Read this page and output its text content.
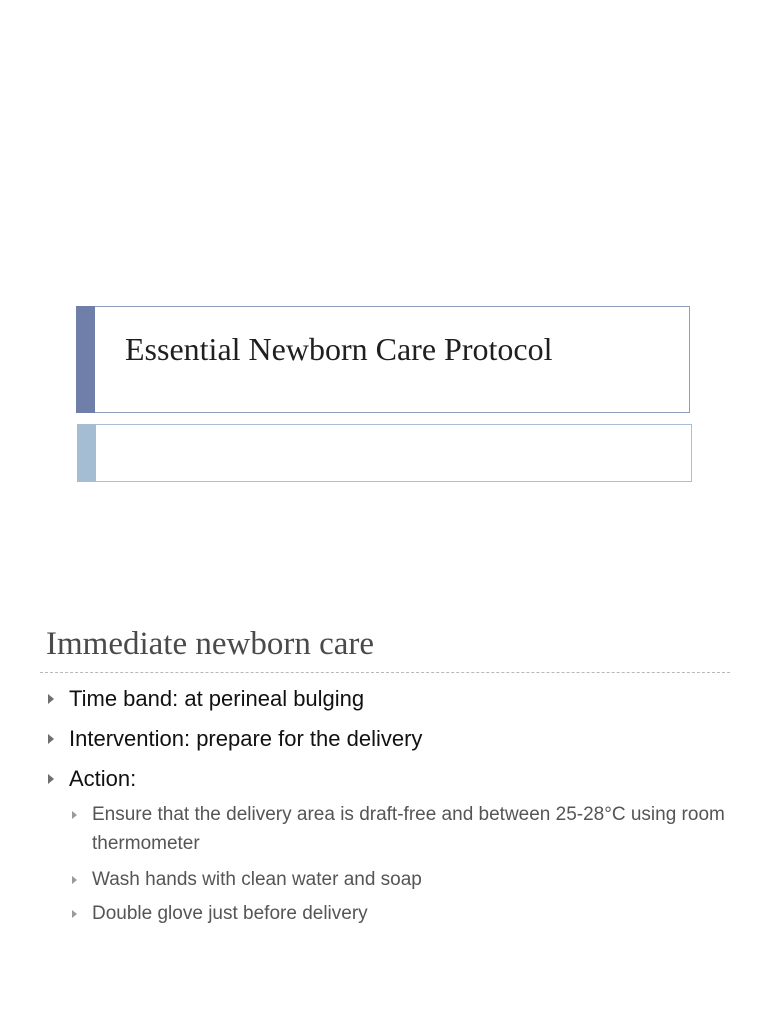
Essential Newborn Care Protocol
Immediate newborn care
Time band: at perineal bulging
Intervention: prepare for the delivery
Action:
Ensure that the delivery area is draft-free and between 25-28°C using room thermometer
Wash hands with clean water and soap
Double glove just before delivery
